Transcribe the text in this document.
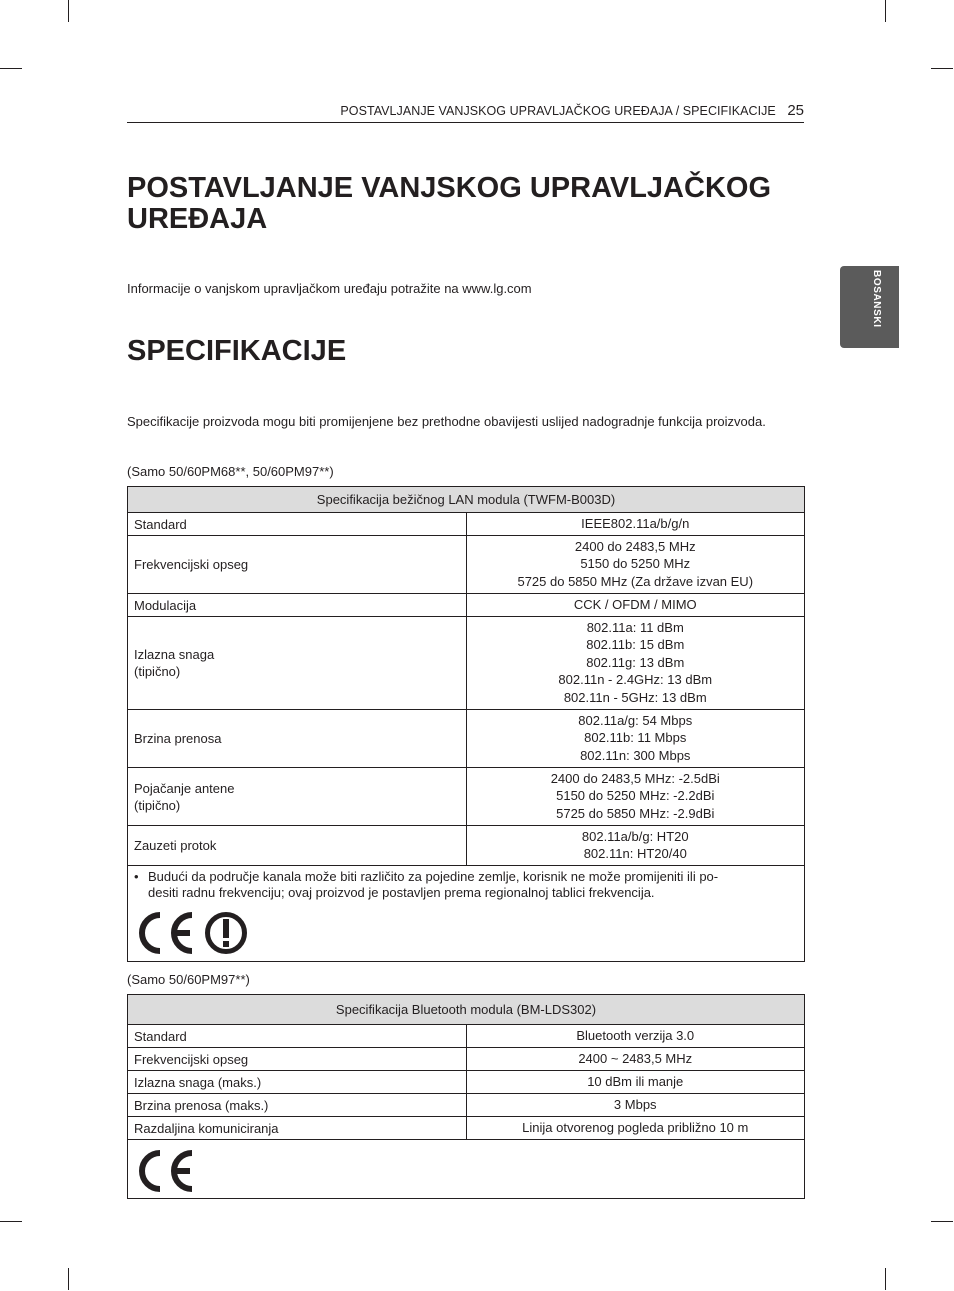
POSTAVLJANJE VANJSKOG UPRAVLJAČKOG UREĐAJA / SPECIFIKACIJE 25
BOSANSKI
POSTAVLJANJE VANJSKOG UPRAVLJAČKOG UREĐAJA

Informacije o vanjskom upravljačkom uređaju potražite na www.lg.com

SPECIFIKACIJE

Specifikacije proizvoda mogu biti promijenjene bez prethodne obavijesti uslijed nadogradnje funkcija proizvoda.

(Samo 50/60PM68**, 50/60PM97**)

Specifikacija bežičnog LAN modula (TWFM-B003D)	

Standard	IEEE802.11a/b/g/n

Frekvencijski opseg	2400 do 2483,5 MHz
5150 do 5250 MHz
5725 do 5850 MHz (Za države izvan EU)

Modulacija	CCK / OFDM / MIMO

Izlazna snaga
(tipično)	802.11a: 11 dBm
802.11b: 15 dBm
802.11g: 13 dBm
802.11n - 2.4GHz: 13 dBm
802.11n - 5GHz: 13 dBm

Brzina prenosa	802.11a/g: 54 Mbps
802.11b: 11 Mbps
802.11n: 300 Mbps

Pojačanje antene
(tipično)	2400 do 2483,5 MHz: -2.5dBi
5150 do 5250 MHz: -2.2dBi
5725 do 5850 MHz: -2.9dBi

Zauzeti protok	802.11a/b/g: HT20
802.11n: HT20/40

• Budući da područje kanala može biti različito za pojedine zemlje, korisnik ne može promijeniti ili po-
desiti radnu frekvenciju; ovaj proizvod je postavljen prema regionalnoj tablici frekvencija.	

(Samo 50/60PM97**)

Specifikacija Bluetooth modula (BM-LDS302)	

Standard	Bluetooth verzija 3.0

Frekvencijski opseg	2400 ~ 2483,5 MHz

Izlazna snaga (maks.)	10 dBm ili manje

Brzina prenosa (maks.)	3 Mbps

Razdaljina komuniciranja	Linija otvorenog pogleda približno 10 m
